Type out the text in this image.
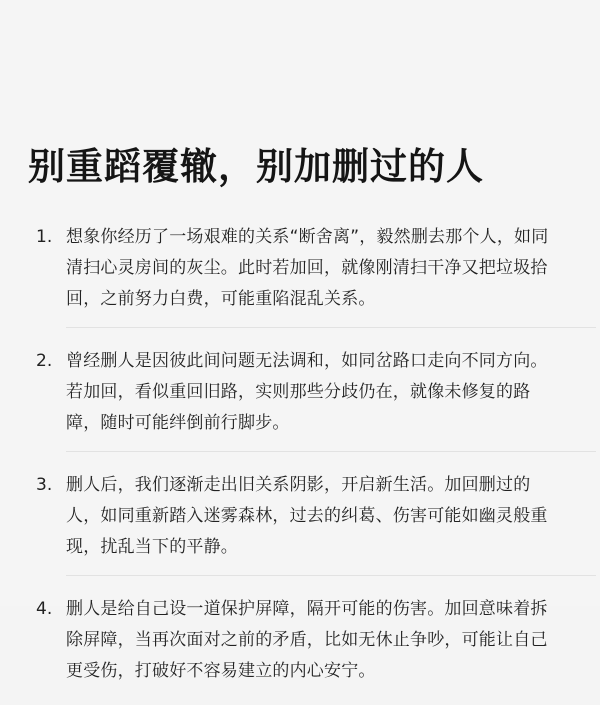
别重蹈覆辙，别加删过的人
1. 想象你经历了一场艰难的关系“断舍离”，毅然删去那个人，如同
清扫心灵房间的灰尘。此时若加回，就像刚清扫干净又把垃圾拾
回，之前努力白费，可能重陷混乱关系。
2. 曾经删人是因彼此间问题无法调和，如同岔路口走向不同方向。
若加回，看似重回旧路，实则那些分歧仍在，就像未修复的路
障，随时可能绊倒前行脚步。
3. 删人后，我们逐渐走出旧关系阴影，开启新生活。加回删过的
人，如同重新踏入迷雾森林，过去的纠葛、伤害可能如幽灵般重
现，扰乱当下的平静。
4. 删人是给自己设一道保护屏障，隔开可能的伤害。加回意味着拆
除屏障，当再次面对之前的矛盾，比如无休止争吵，可能让自己
更受伤，打破好不容易建立的内心安宁。
